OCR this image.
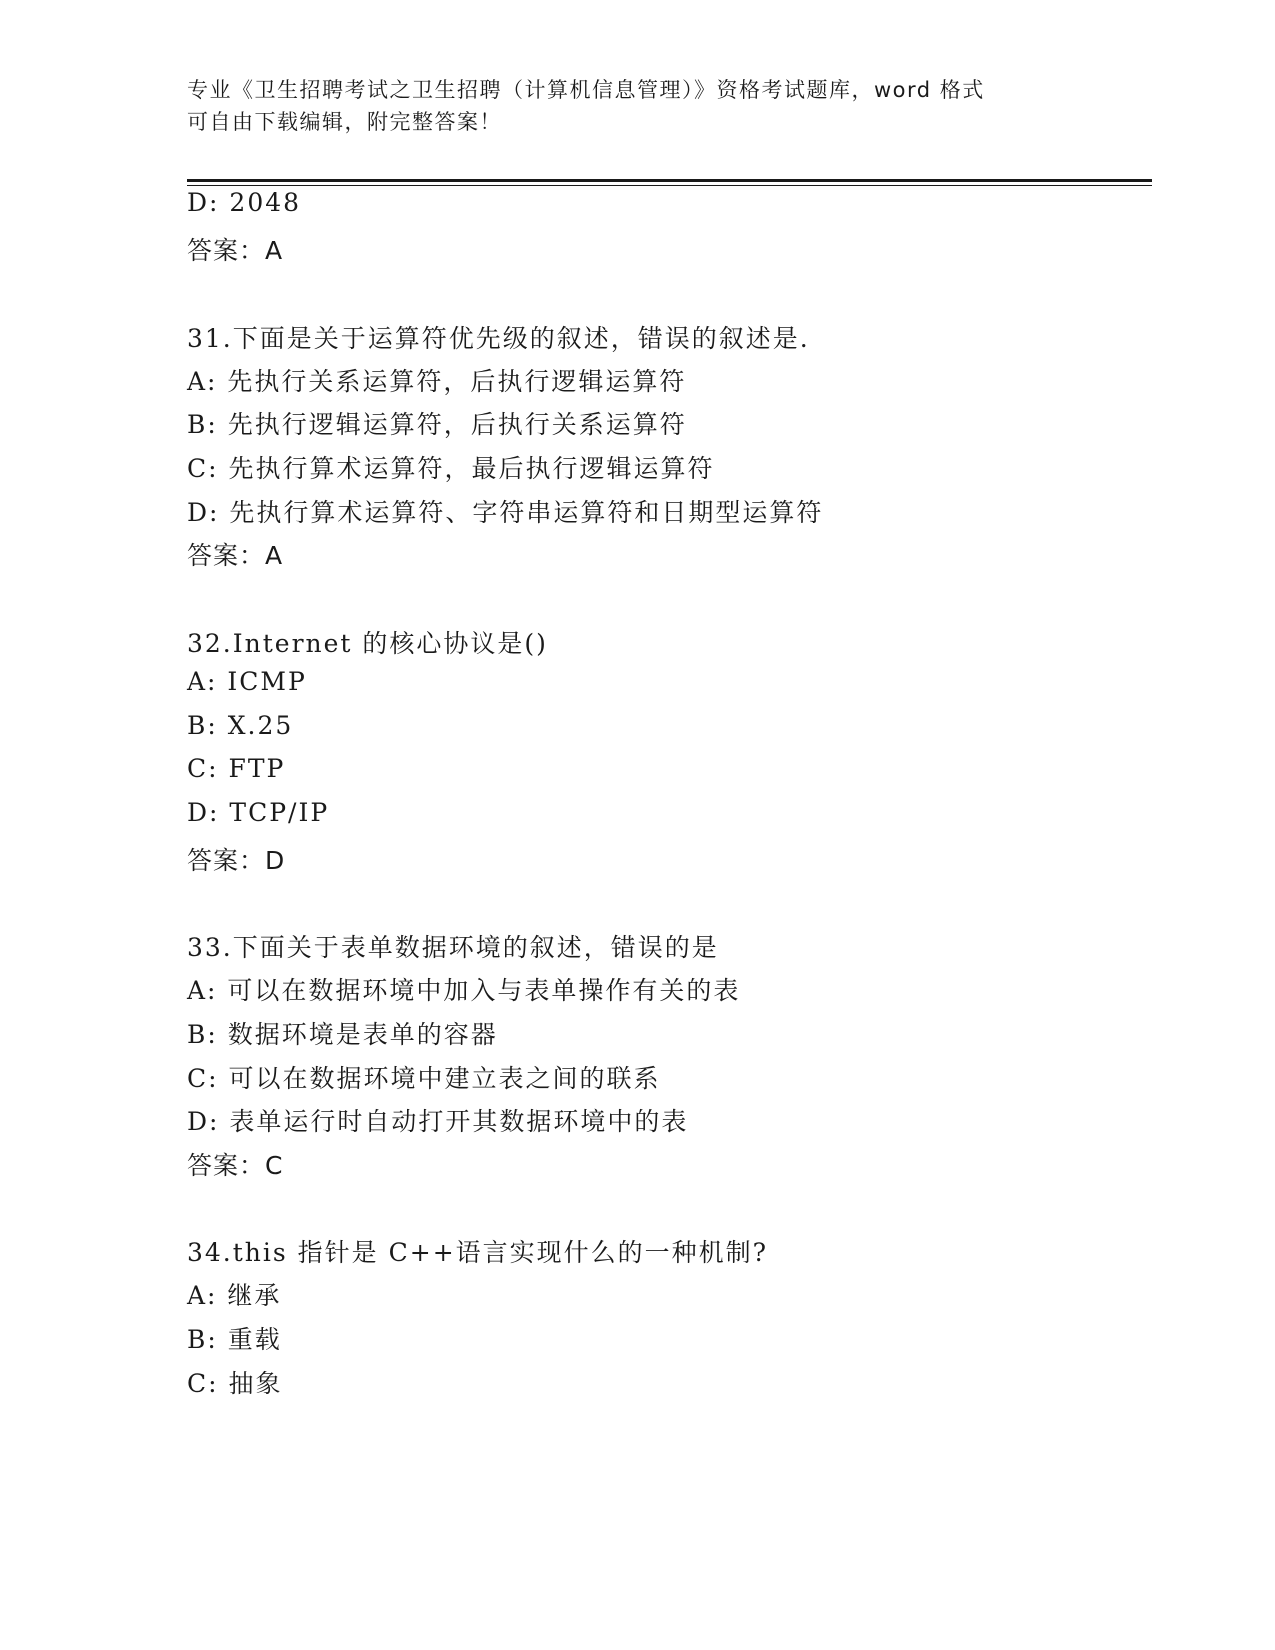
专业《卫生招聘考试之卫生招聘（计算机信息管理）》资格考试题库，word 格式
可自由下载编辑，附完整答案！
D: 2048
答案：A
31.下面是关于运算符优先级的叙述，错误的叙述是.
A: 先执行关系运算符，后执行逻辑运算符
B: 先执行逻辑运算符，后执行关系运算符
C: 先执行算术运算符，最后执行逻辑运算符
D: 先执行算术运算符、字符串运算符和日期型运算符
答案：A
32.Internet 的核心协议是()
A: ICMP
B: X.25
C: FTP
D: TCP/IP
答案：D
33.下面关于表单数据环境的叙述，错误的是
A: 可以在数据环境中加入与表单操作有关的表
B: 数据环境是表单的容器
C: 可以在数据环境中建立表之间的联系
D: 表单运行时自动打开其数据环境中的表
答案：C
34.this 指针是 C++语言实现什么的一种机制?
A: 继承
B: 重载
C: 抽象
